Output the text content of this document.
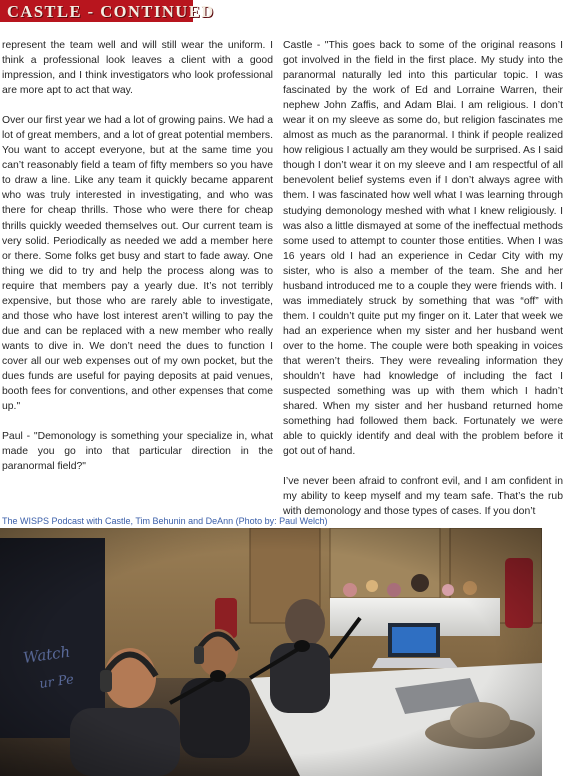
CASTLE - CONTINUED

represent the team well and will still wear the uniform. I think a professional look leaves a client with a good impression, and I think investigators who look professional are more apt to act that way.

Over our first year we had a lot of growing pains. We had a lot of great members, and a lot of great potential members. You want to accept everyone, but at the same time you can’t reasonably field a team of fifty members so you have to draw a line. Like any team it quickly became apparent who was truly interested in investigating, and who was there for cheap thrills. Those who were there for cheap thrills quickly weeded themselves out. Our current team is very solid. Periodically as needed we add a member here or there. Some folks get busy and start to fade away. One thing we did to try and help the process along was to require that members pay a yearly due. It’s not terribly expensive, but those who are rarely able to investigate, and those who have lost interest aren’t willing to pay the due and can be replaced with a new member who really wants to dive in. We don’t need the dues to function I cover all our web expenses out of my own pocket, but the dues funds are useful for paying deposits at paid venues, booth fees for conventions, and other expenses that come up."

Paul - "Demonology is something your specialize in, what made you go into that particular direction in the paranormal field?"

Castle - "This goes back to some of the original reasons I got involved in the field in the first place. My study into the paranormal naturally led into this particular topic. I was fascinated by the work of Ed and Lorraine Warren, their nephew John Zaffis, and Adam Blai. I am religious. I don’t wear it on my sleeve as some do, but religion fascinates me almost as much as the paranormal. I think if people realized how religious I actually am they would be surprised. As I said though I don’t wear it on my sleeve and I am respectful of all benevolent belief systems even if I don’t always agree with them. I was fascinated how well what I was learning through studying demonology meshed with what I knew religiously. I was also a little dismayed at some of the ineffectual methods some used to attempt to counter those entities. When I was 16 years old I had an experience in Cedar City with my sister, who is also a member of the team. She and her husband introduced me to a couple they were friends with. I was immediately struck by something that was “off” with them. I couldn’t quite put my finger on it. Later that week we had an experience when my sister and her husband went over to the home. The couple were both speaking in voices that weren’t theirs. They were revealing information they shouldn’t have had knowledge of including the fact I suspected something was up with them which I hadn’t shared. When my sister and her husband returned home something had followed them back. Fortunately we were able to quickly identify and deal with the problem before it got out of hand.

I’ve never been afraid to confront evil, and I am confident in my ability to keep myself and my team safe. That’s the rub with demonology and those types of cases. If you don’t

The WISPS Podcast with Castle, Tim Behunin and DeAnn (Photo by: Paul Welch)
